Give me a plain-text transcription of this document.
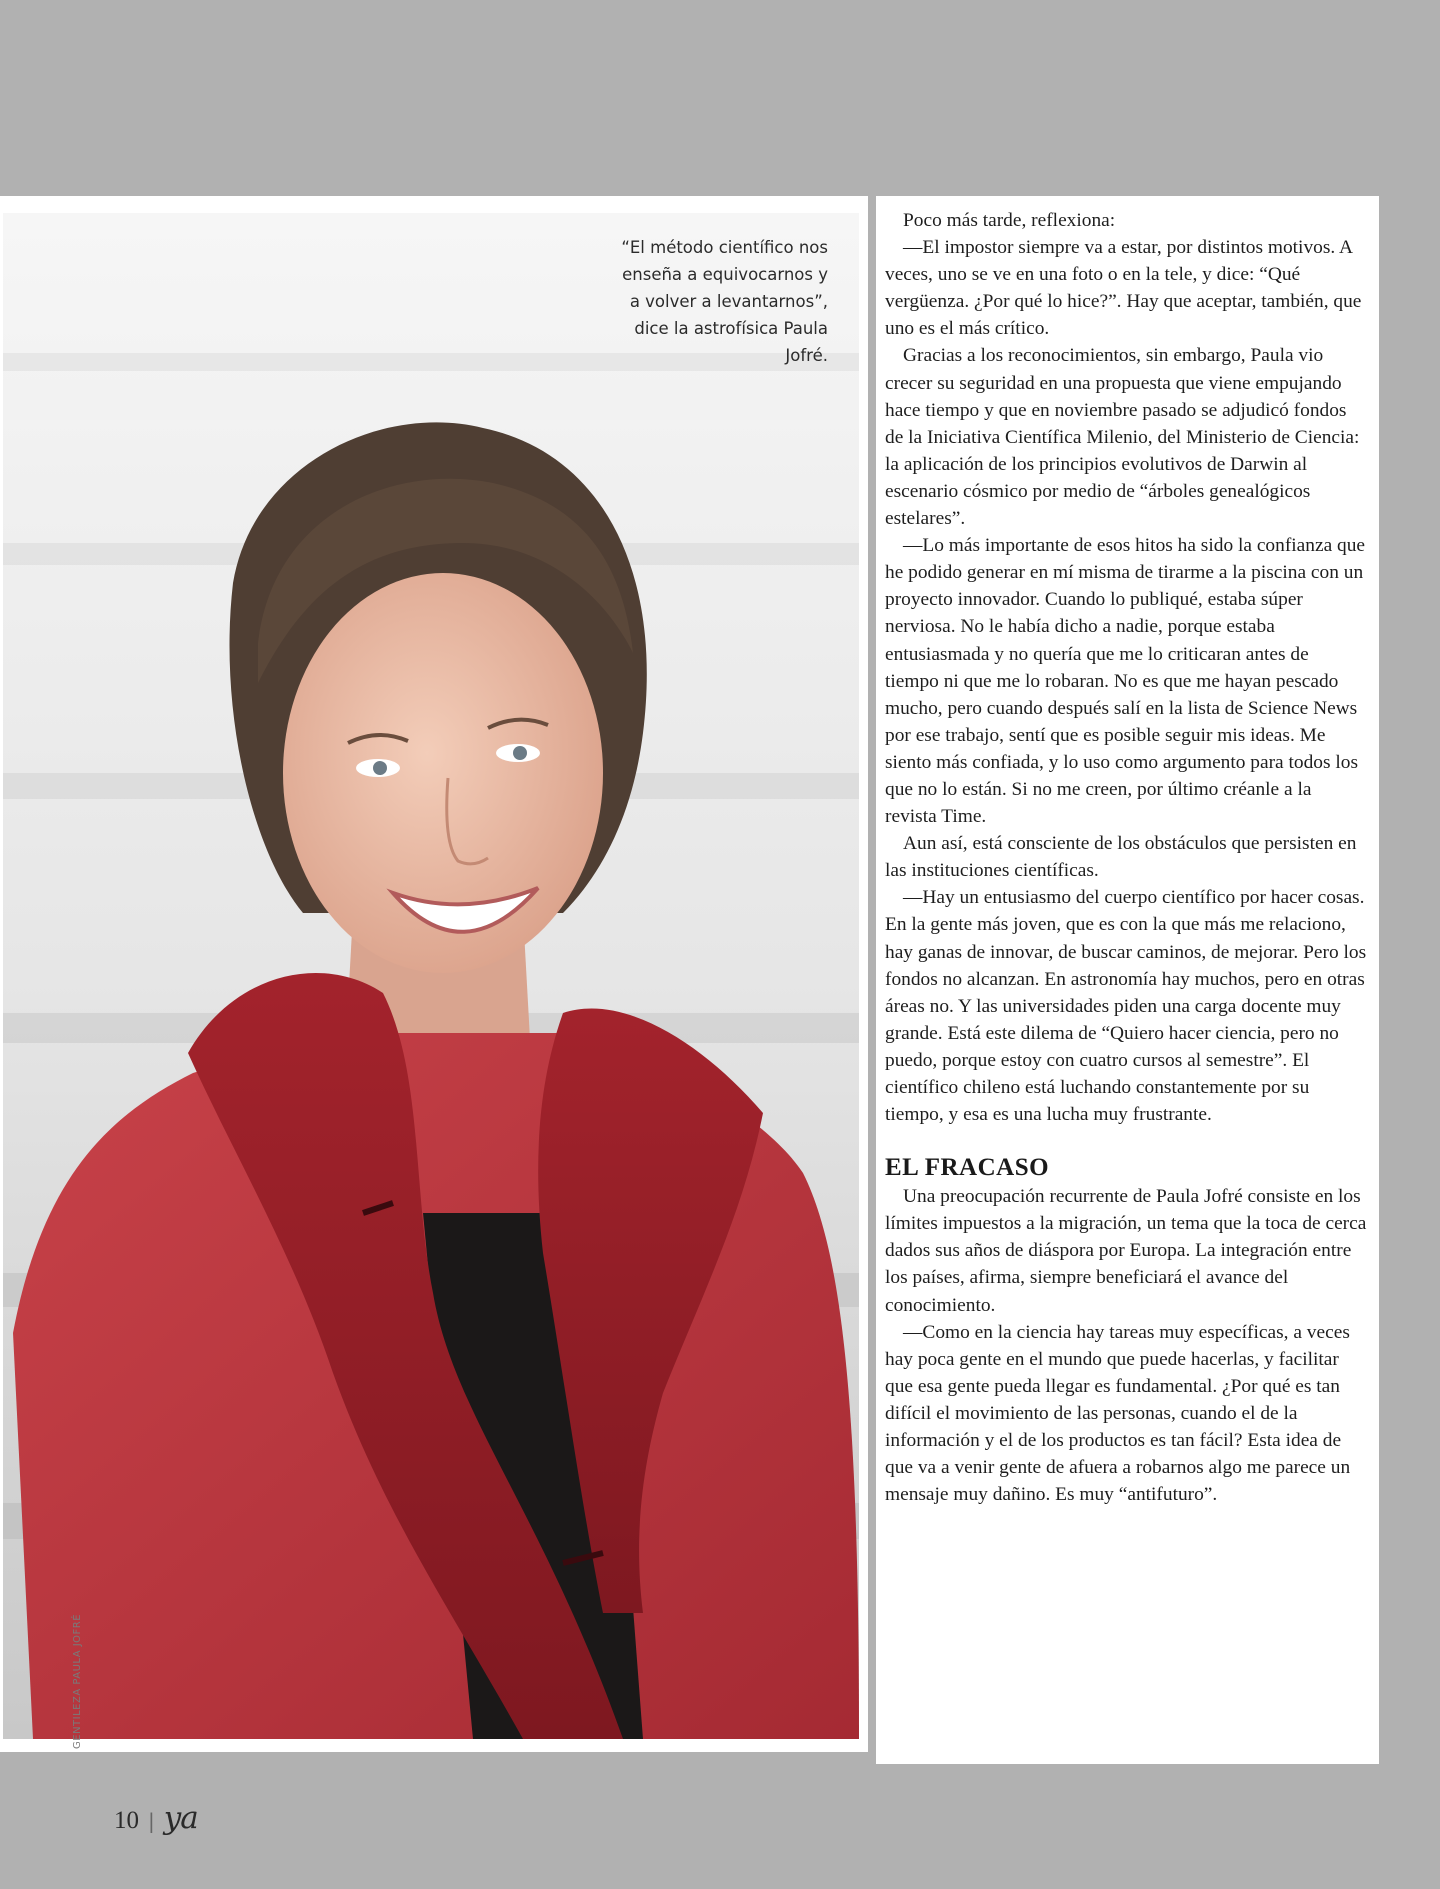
“El método científico nos enseña a equivocarnos y a volver a levantarnos”, dice la astrofísica Paula Jofré.
GENTILEZA PAULA JOFRÉ

Poco más tarde, reflexiona:

—El impostor siempre va a estar, por distintos motivos. A veces, uno se ve en una foto o en la tele, y dice: “Qué vergüenza. ¿Por qué lo hice?”. Hay que aceptar, también, que uno es el más crítico.

Gracias a los reconocimientos, sin embargo, Paula vio crecer su seguridad en una propuesta que viene empujando hace tiempo y que en noviembre pasado se adjudicó fondos de la Iniciativa Científica Milenio, del Ministerio de Ciencia: la aplicación de los principios evolutivos de Darwin al escenario cósmico por medio de “árboles genealógicos estelares”.

—Lo más importante de esos hitos ha sido la confianza que he podido generar en mí misma de tirarme a la piscina con un proyecto innovador. Cuando lo publiqué, estaba súper nerviosa. No le había dicho a nadie, porque estaba entusiasmada y no quería que me lo criticaran antes de tiempo ni que me lo robaran. No es que me hayan pescado mucho, pero cuando después salí en la lista de Science News por ese trabajo, sentí que es posible seguir mis ideas. Me siento más confiada, y lo uso como argumento para todos los que no lo están. Si no me creen, por último créanle a la revista Time.

Aun así, está consciente de los obstáculos que persisten en las instituciones científicas.

—Hay un entusiasmo del cuerpo científico por hacer cosas. En la gente más joven, que es con la que más me relaciono, hay ganas de innovar, de buscar caminos, de mejorar. Pero los fondos no alcanzan. En astronomía hay muchos, pero en otras áreas no. Y las universidades piden una carga docente muy grande. Está este dilema de “Quiero hacer ciencia, pero no puedo, porque estoy con cuatro cursos al semestre”. El científico chileno está luchando constantemente por su tiempo, y esa es una lucha muy frustrante.

EL FRACASO

Una preocupación recurrente de Paula Jofré consiste en los límites impuestos a la migración, un tema que la toca de cerca dados sus años de diáspora por Europa. La integración entre los países, afirma, siempre beneficiará el avance del conocimiento.

—Como en la ciencia hay tareas muy específicas, a veces hay poca gente en el mundo que puede hacerlas, y facilitar que esa gente pueda llegar es fundamental. ¿Por qué es tan difícil el movimiento de las personas, cuando el de la información y el de los productos es tan fácil? Esta idea de que va a venir gente de afuera a robarnos algo me parece un mensaje muy dañino. Es muy “antifuturo”.

10 | ya
